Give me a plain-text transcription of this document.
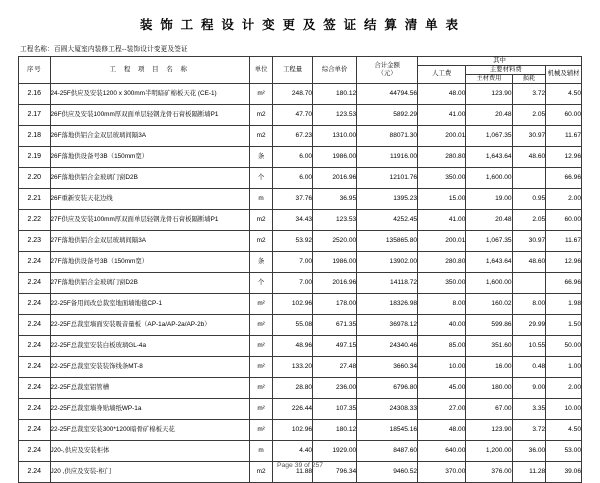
装 饰 工 程 设 计 变 更 及 签 证 结 算 清 单 表
工程名称：百圆大厦室内装修工程--装饰设计变更及签证
序号	工 程 项 目 名 称	单位	工程量	综合单价	合计金额
（元）	其中			
						人工费	主要材料费		机械及辅材
							主材费用	损耗	
2.16	24-25F供应及安装1200 x 300mm半明暗矿棉板天花 (CE-1)	m²	248.70	180.12	44794.56	48.00	123.90	3.72	4.50
2.17	26F供应及安装100mm厚双面单层轻钢龙骨石膏板隔断墙P1	m2	47.70	123.53	5892.29	41.00	20.48	2.05	60.00
2.18	26F落地供铝合金双层玻璃间隔3A	m2	67.23	1310.00	88071.30	200.01	1,067.35	30.97	11.67
2.19	26F落地供设备号3B（150mm宽）	条	6.00	1986.00	11916.00	280.80	1,643.64	48.60	12.96
2.20	26F落地供铝合金玻璃门窗D2B	个	6.00	2016.96	12101.76	350.00	1,600.00		66.96
2.21	26F重新安装天花边线	m	37.76	36.95	1395.23	15.00	19.00	0.95	2.00
2.22	27F供应及安装100mm厚双面单层轻钢龙骨石膏板隔断墙P1	m2	34.43	123.53	4252.45	41.00	20.48	2.05	60.00
2.23	27F落地供铝合金双层玻璃间隔3A	m2	53.92	2520.00	135865.80	200.01	1,067.35	30.97	11.67
2.24	27F落地供设备号3B（150mm宽）	条	7.00	1986.00	13902.00	280.80	1,643.64	48.60	12.96
2.24	27F落地供铝合金玻璃门窗D2B	个	7.00	2016.96	14118.72	350.00	1,600.00		66.96
2.24	22-25F备用间改总裁室地面墙地毯CP-1	m²	102.96	178.00	18326.98	8.00	160.02	8.00	1.98
2.24	22-25F总裁室墙面安装吸音量板（AP-1a/AP-2a/AP-2b）	m²	55.08	671.35	36978.12	40.00	599.86	29.99	1.50
2.24	22-25F总裁室安装白板玻璃GL-4a	m²	48.96	497.15	24340.46	85.00	351.60	10.55	50.00
2.24	22-25F总裁室安装装饰线条MT-8	m²	133.20	27.48	3660.34	10.00	16.00	0.48	1.00
2.24	22-25F总裁室铝管槽	m²	28.80	236.00	6796.80	45.00	180.00	9.00	2.00
2.24	22-25F总裁室墙身贴墙纸WP-1a	m²	226.44	107.35	24308.33	27.00	67.00	3.35	10.00
2.24	22-25F总裁室安装300*1200暗骨矿棉板天花	m²	102.96	180.12	18545.16	48.00	123.90	3.72	4.50
2.24	J20-,供应及安装柜体	m	4.40	1929.00	8487.60	640.00	1,200.00	36.00	53.00
2.24	J20 ,供应及安装-柜门	m2	11.88	796.34	9460.52	370.00	376.00	11.28	39.06
Page 39 of 257
